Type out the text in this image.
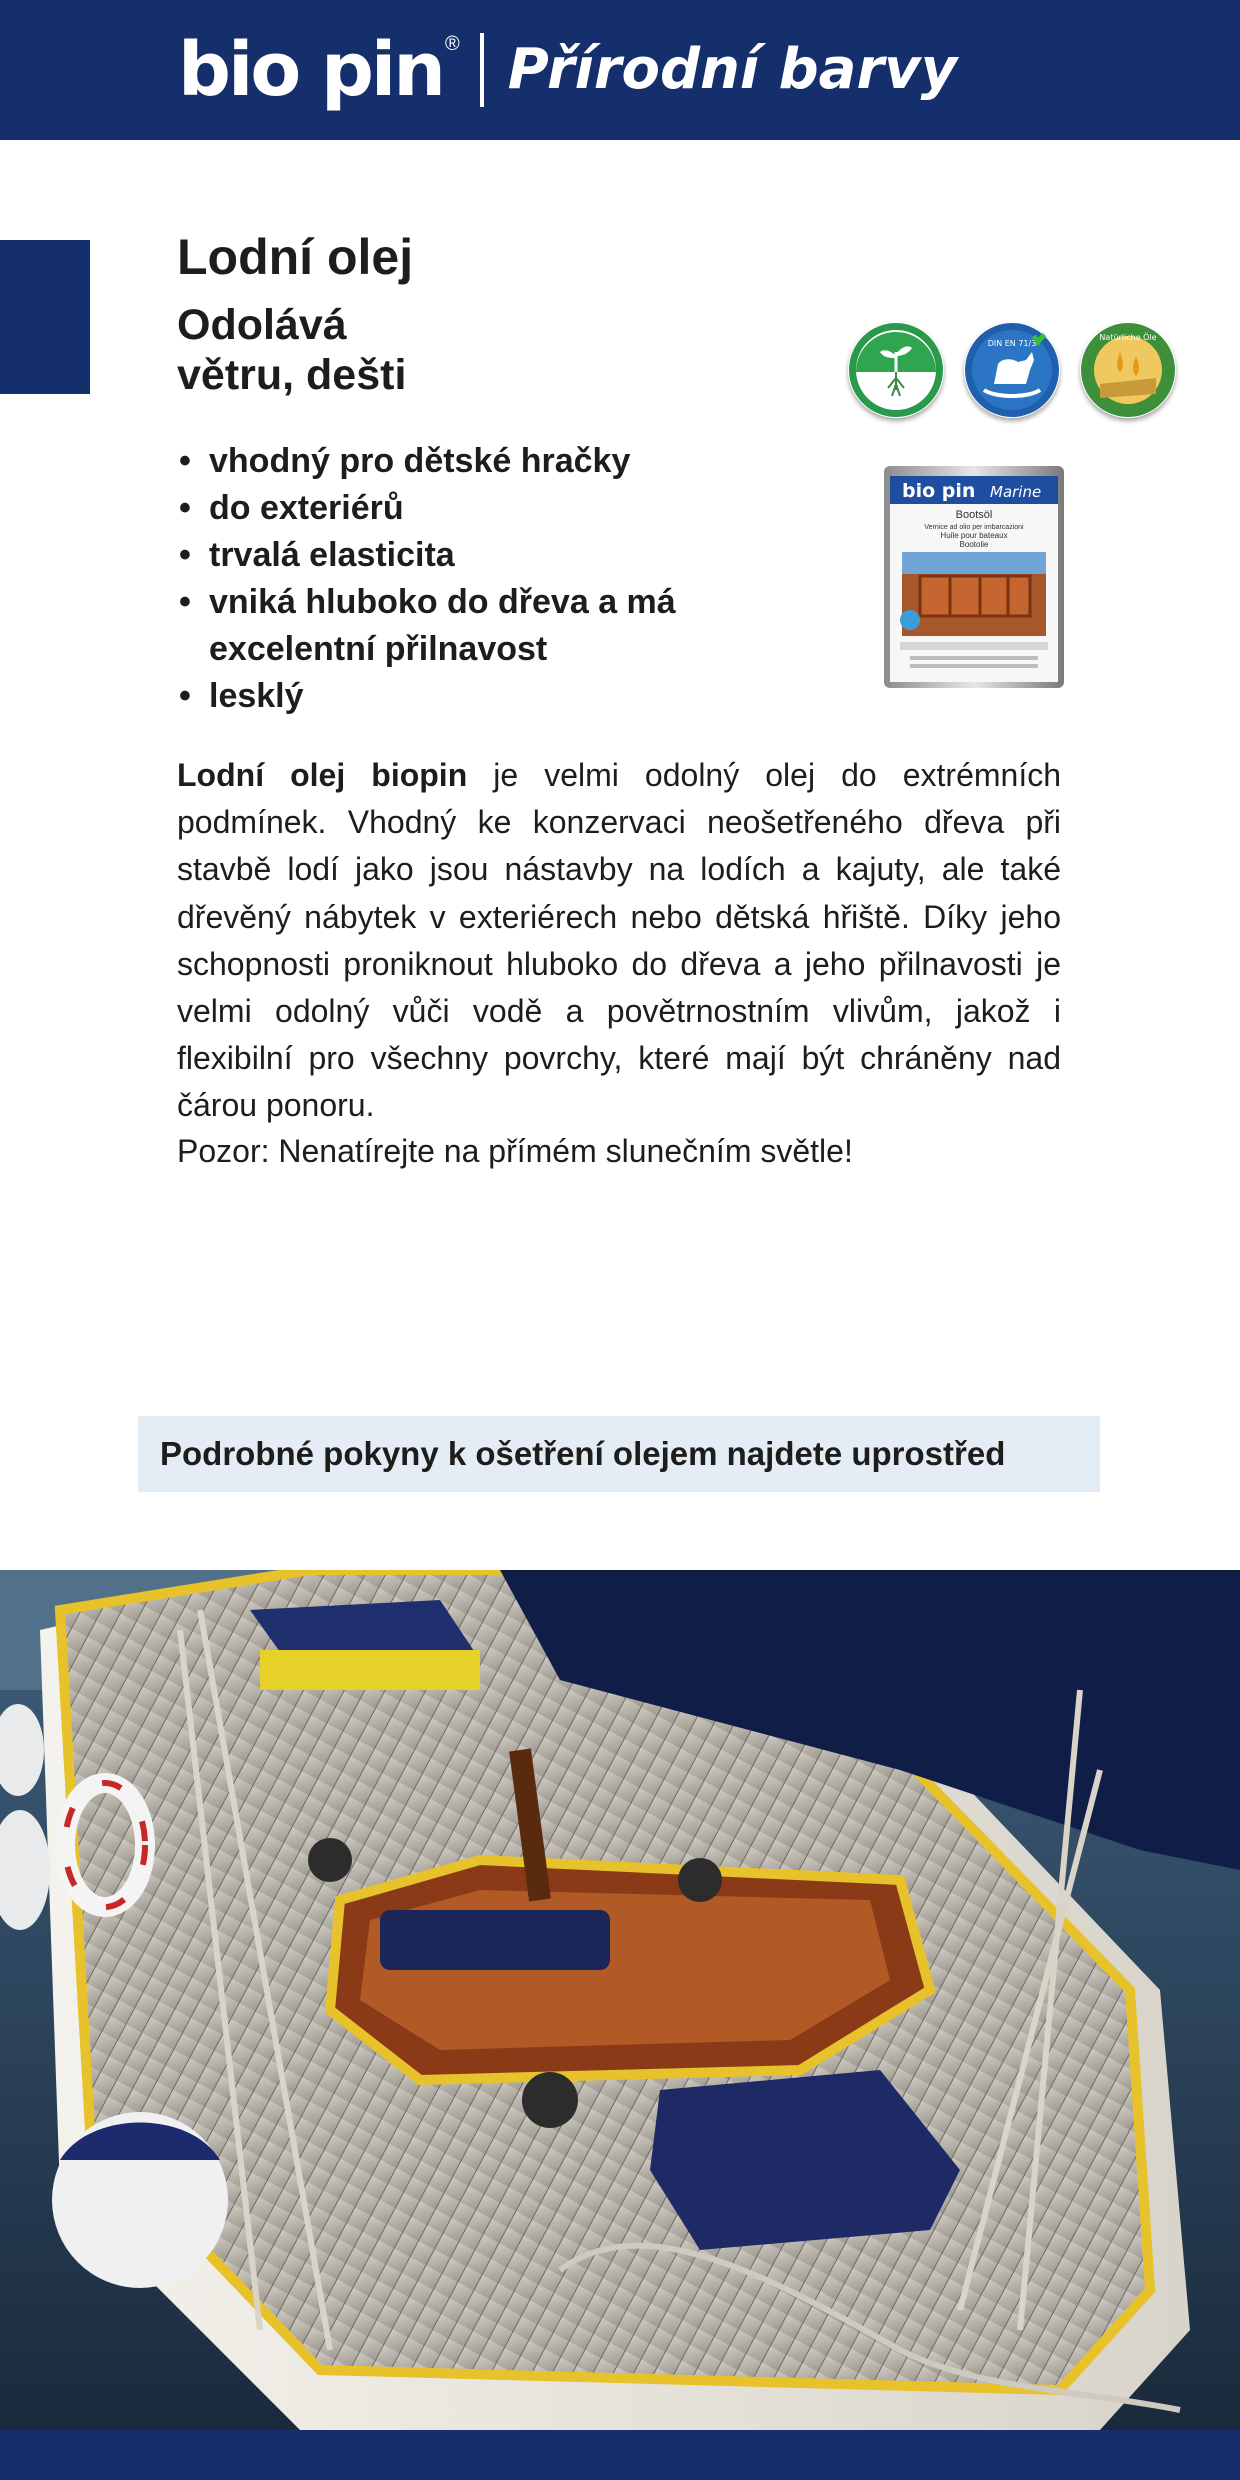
bio pin ® Přírodní barvy
Lodní olej
Odolává
větru, dešti
DIN EN 71/3
Natürliche Öle
bio pin Marine
Bootsöl
Vernice ad olio per imbarcazioni
Huile pour bateaux
Bootolie
• vhodný pro dětské hračky
• do exteriérů
• trvalá elasticita
• vniká hluboko do dřeva a má excelentní přilnavost
• lesklý

Lodní olej biopin je velmi odolný olej do extrémních podmínek. Vhodný ke konzervaci neošetřeného dřeva při stavbě lodí jako jsou nástavby na lodích a kajuty, ale také dřevěný nábytek v exteriérech nebo dětská hřiště. Díky jeho schopnosti proniknout hluboko do dřeva a jeho přilnavosti je velmi odolný vůči vodě a povětrnostním vlivům, jakož i flexibilní pro všechny povrchy, které mají být chráněny nad čárou ponoru.

Pozor: Nenatírejte na přímém slunečním světle!

Podrobné pokyny k ošetření olejem najdete uprostřed
